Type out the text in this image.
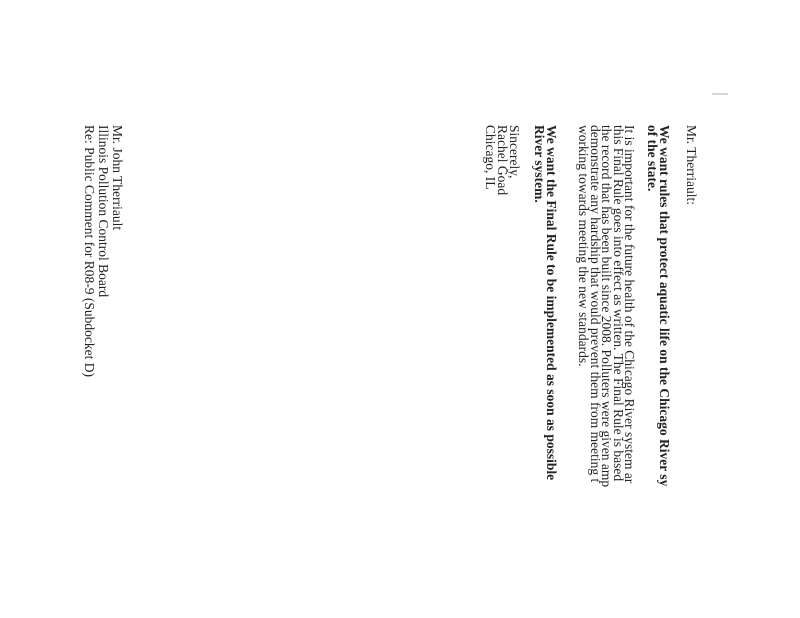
Mr. Therriault:
We want rules that protect aquatic life on the Chicago River sy
of the state.
It is important for the future health of the Chicago River system ar
this Final Rule goes into effect as written. The Final Rule is based
the record that has been built since 2008. Polluters were given amp
demonstrate any hardship that would prevent them from meeting t
working towards meeting the new standards.
We want the Final Rule to be implemented as soon as possible
River system.
Sincerely,
Rachel Goad
Chicago, IL
Mr. John Therriault
Illinois Pollution Control Board
Re: Public Comment for R08-9 (Subdocket D)
